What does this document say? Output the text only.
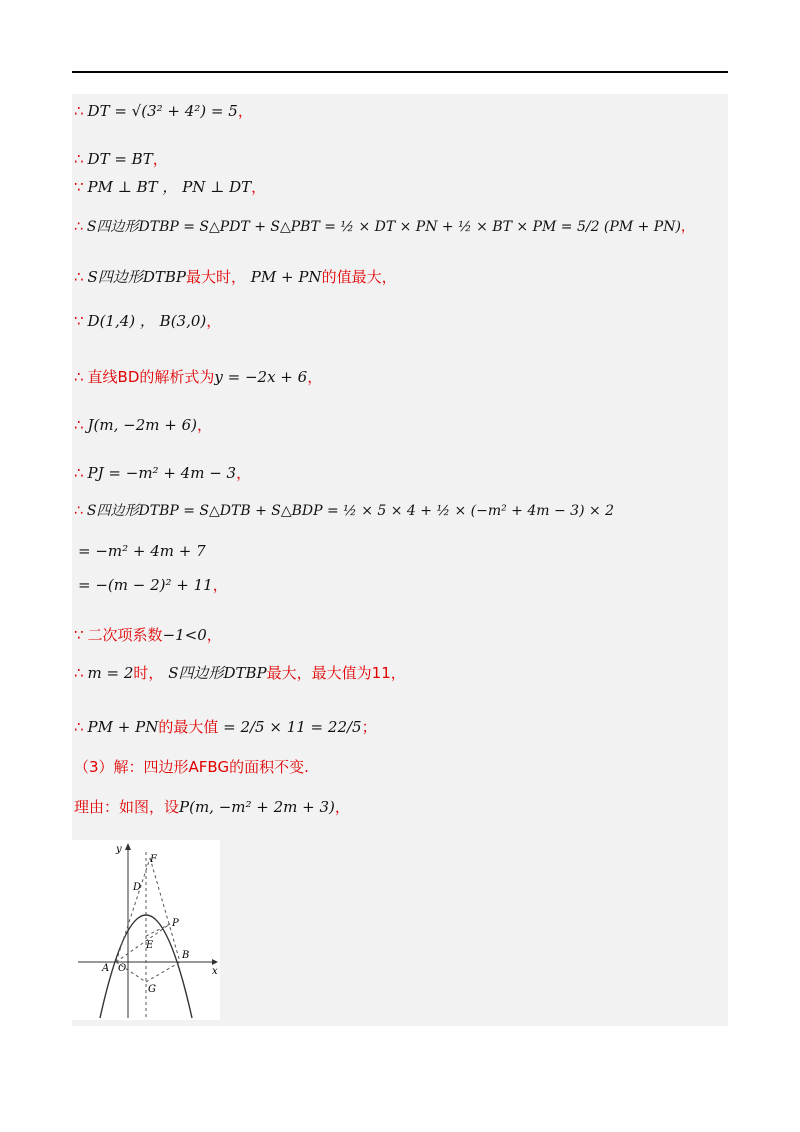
∴ DT = √(3² + 4²) = 5，
∴ DT = BT，
∵ PM ⊥ BT ， PN ⊥ DT，
∴ S四边形DTBP = S△PDT + S△PBT = ½ × DT × PN + ½ × BT × PM = 5/2 (PM + PN)，
∴ S四边形DTBP最大时， PM + PN的值最大，
∵ D(1,4) ， B(3,0)，
∴ 直线BD的解析式为y = −2x + 6，
∴ J(m, −2m + 6)，
∴ PJ = −m² + 4m − 3，
∴ S四边形DTBP = S△DTB + S△BDP = ½ × 5 × 4 + ½ × (−m² + 4m − 3) × 2
= −m² + 4m + 7
= −(m − 2)² + 11，
∵ 二次项系数−1<0，
∴ m = 2时， S四边形DTBP最大，最大值为11，
∴ PM + PN的最大值 = 2/5 × 11 = 22/5；
（3）解：四边形AFBG的面积不变.
理由：如图，设P(m, −m² + 2m + 3)，
y
x
F
D
P
E
B
A O
G
